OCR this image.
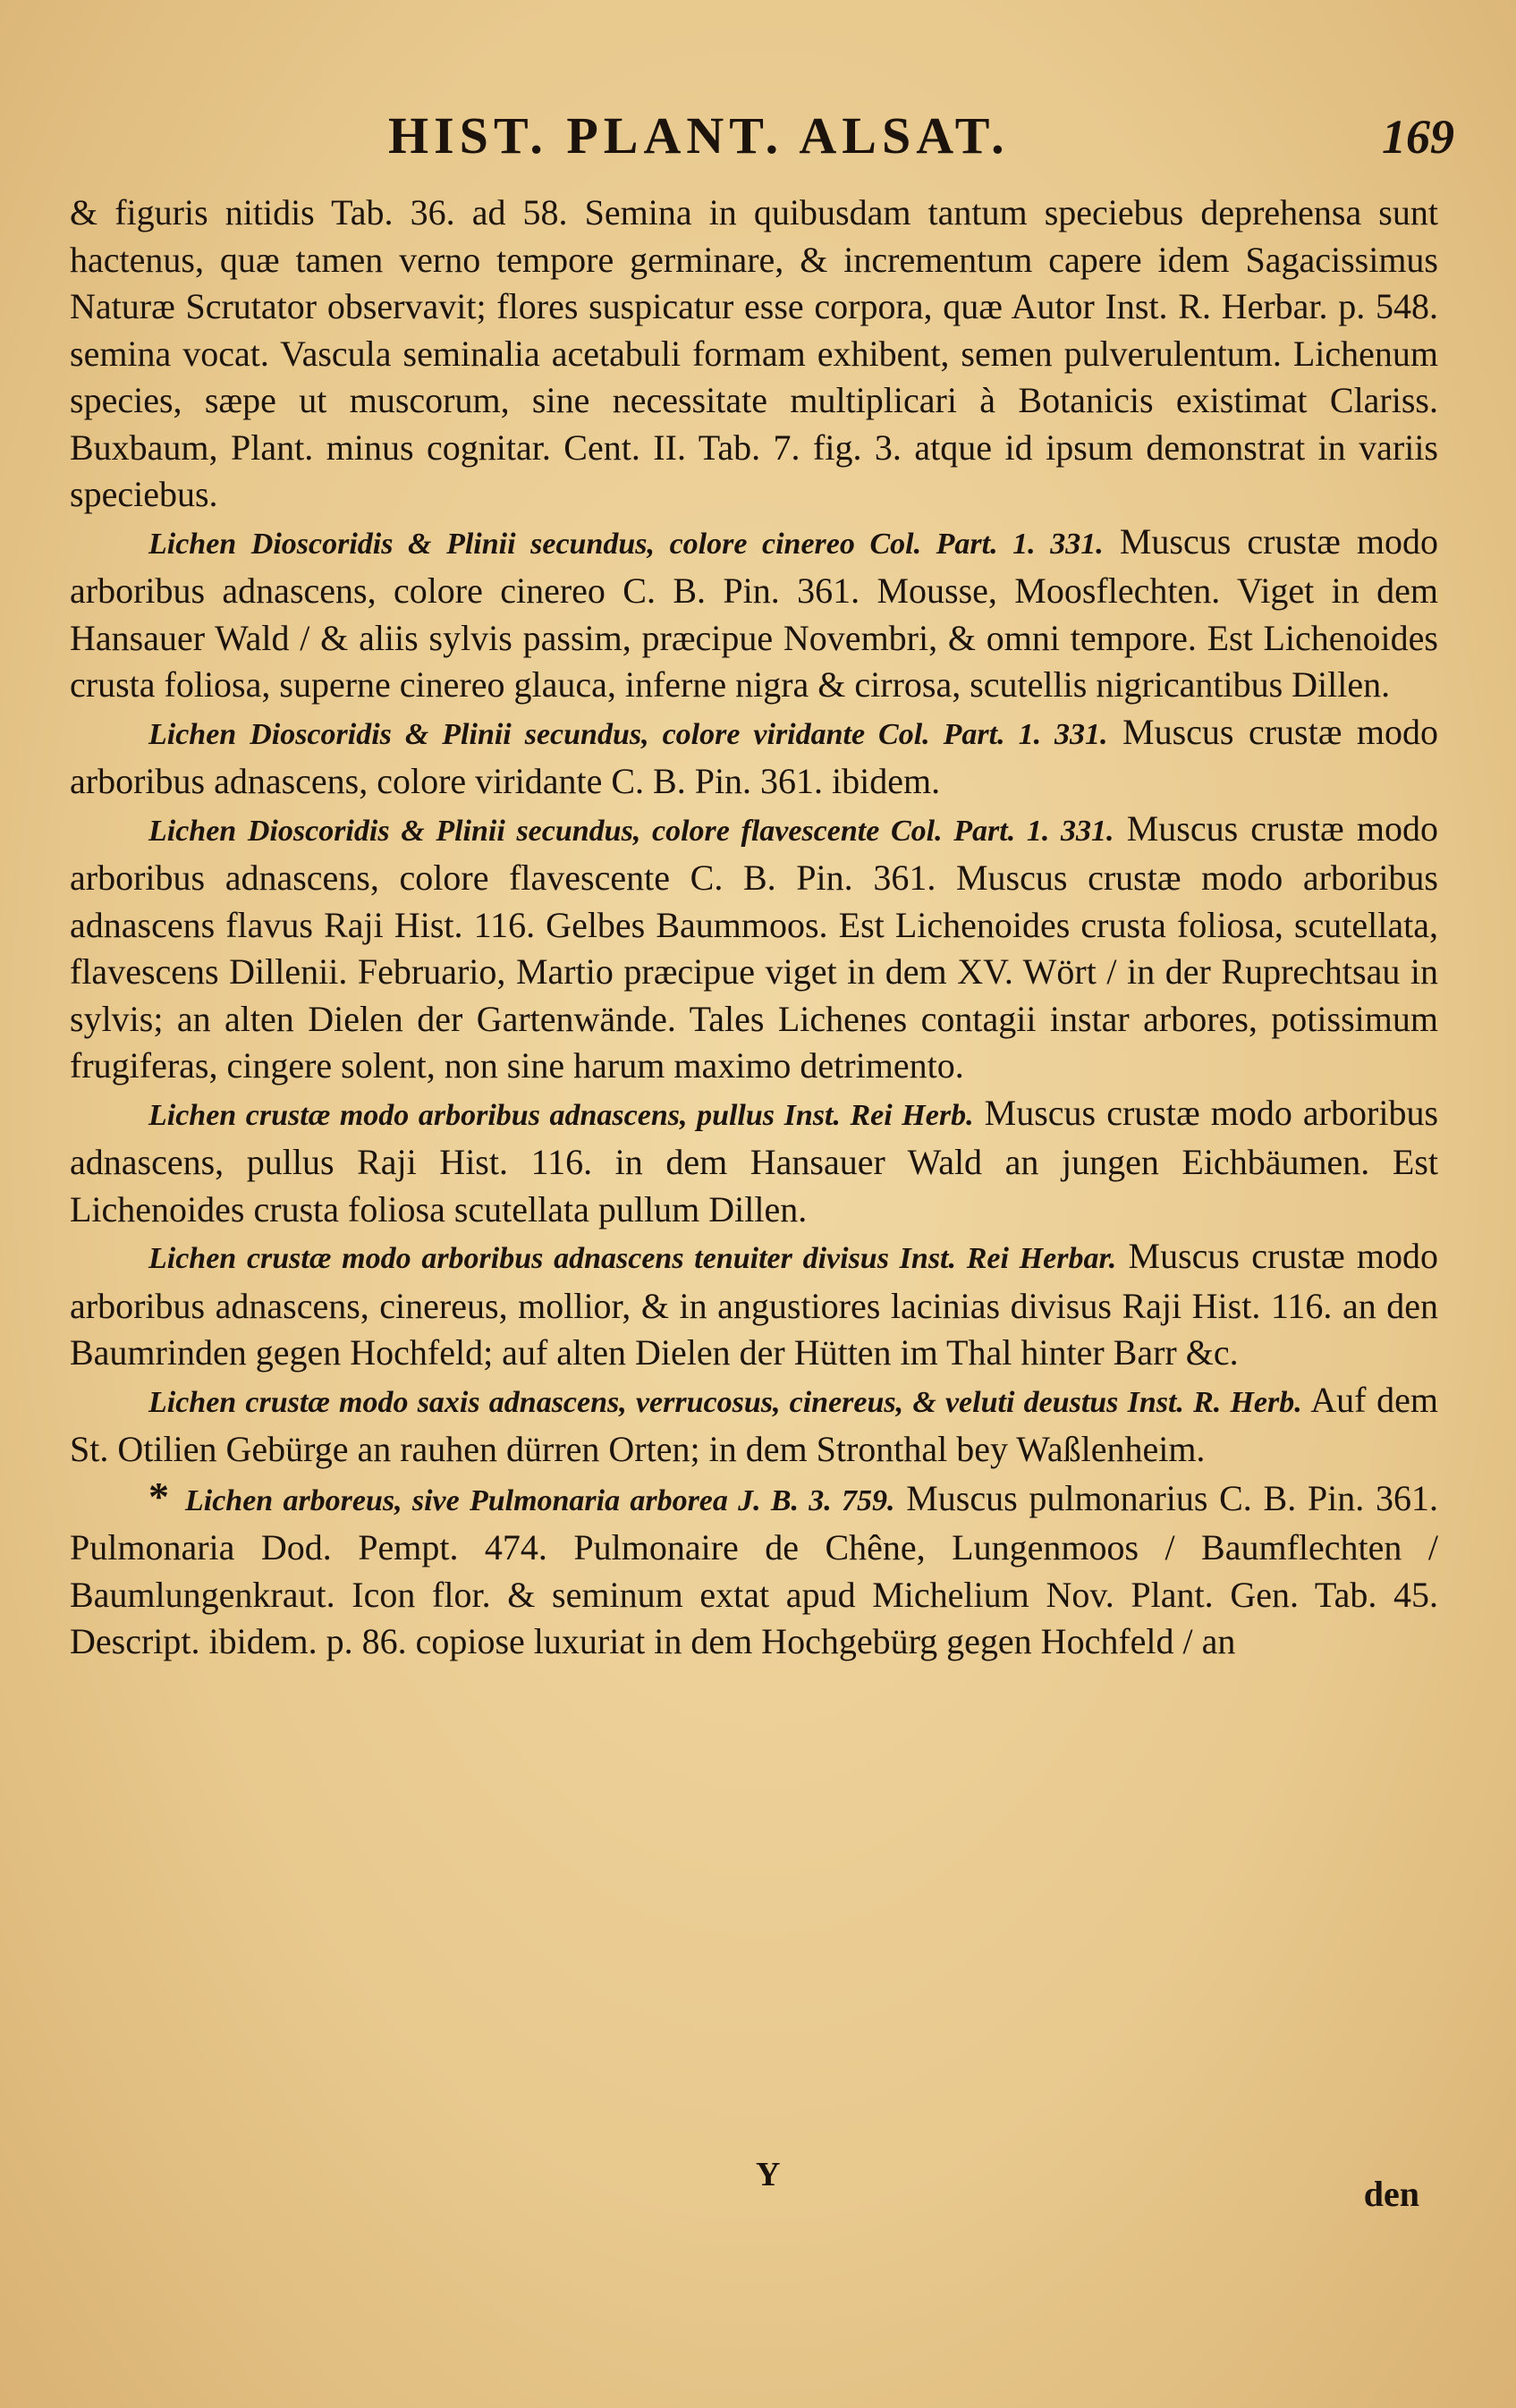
HIST. PLANT. ALSAT.	169

& figuris nitidis Tab. 36. ad 58. Semina in quibusdam tantum speciebus deprehensa sunt hactenus, quæ tamen verno tempore germinare, & incrementum capere idem Sagacissimus Naturæ Scrutator observavit; flores suspicatur esse corpora, quæ Autor Inst. R. Herbar. p. 548. semina vocat. Vascula seminalia acetabuli formam exhibent, semen pulverulentum. Lichenum species, sæpe ut muscorum, sine necessitate multiplicari à Botanicis existimat Clariss. Buxbaum, Plant. minus cognitar. Cent. II. Tab. 7. fig. 3. atque id ipsum demonstrat in variis speciebus.

Lichen Dioscoridis & Plinii secundus, colore cinereo Col. Part. 1. 331. Muscus crustæ modo arboribus adnascens, colore cinereo C. B. Pin. 361. Mousse, Moosflechten. Viget in dem Hansauer Wald / & aliis sylvis passim, præcipue Novembri, & omni tempore. Est Lichenoides crusta foliosa, superne cinereo glauca, inferne nigra & cirrosa, scutellis nigricantibus Dillen.

Lichen Dioscoridis & Plinii secundus, colore viridante Col. Part. 1. 331. Muscus crustæ modo arboribus adnascens, colore viridante C. B. Pin. 361. ibidem.

Lichen Dioscoridis & Plinii secundus, colore flavescente Col. Part. 1. 331. Muscus crustæ modo arboribus adnascens, colore flavescente C. B. Pin. 361. Muscus crustæ modo arboribus adnascens flavus Raji Hist. 116. Gelbes Baummoos. Est Lichenoides crusta foliosa, scutellata, flavescens Dillenii. Februario, Martio præcipue viget in dem XV. Wört / in der Ruprechtsau in sylvis; an alten Dielen der Gartenwände. Tales Lichenes contagii instar arbores, potissimum frugiferas, cingere solent, non sine harum maximo detrimento.

Lichen crustæ modo arboribus adnascens, pullus Inst. Rei Herb. Muscus crustæ modo arboribus adnascens, pullus Raji Hist. 116. in dem Hansauer Wald an jungen Eichbäumen. Est Lichenoides crusta foliosa scutellata pullum Dillen.

Lichen crustæ modo arboribus adnascens tenuiter divisus Inst. Rei Herbar. Muscus crustæ modo arboribus adnascens, cinereus, mollior, & in angustiores lacinias divisus Raji Hist. 116. an den Baumrinden gegen Hochfeld; auf alten Dielen der Hütten im Thal hinter Barr &c.

Lichen crustæ modo saxis adnascens, verrucosus, cinereus, & veluti deustus Inst. R. Herb. Auf dem St. Otilien Gebürge an rauhen dürren Orten; in dem Stronthal bey Waßlenheim.

* Lichen arboreus, sive Pulmonaria arborea J. B. 3. 759. Muscus pulmonarius C. B. Pin. 361. Pulmonaria Dod. Pempt. 474. Pulmonaire de Chêne, Lungenmoos / Baumflechten / Baumlungenkraut. Icon flor. & seminum extat apud Michelium Nov. Plant. Gen. Tab. 45. Descript. ibidem. p. 86. copiose luxuriat in dem Hochgebürg gegen Hochfeld / an

Y	den
